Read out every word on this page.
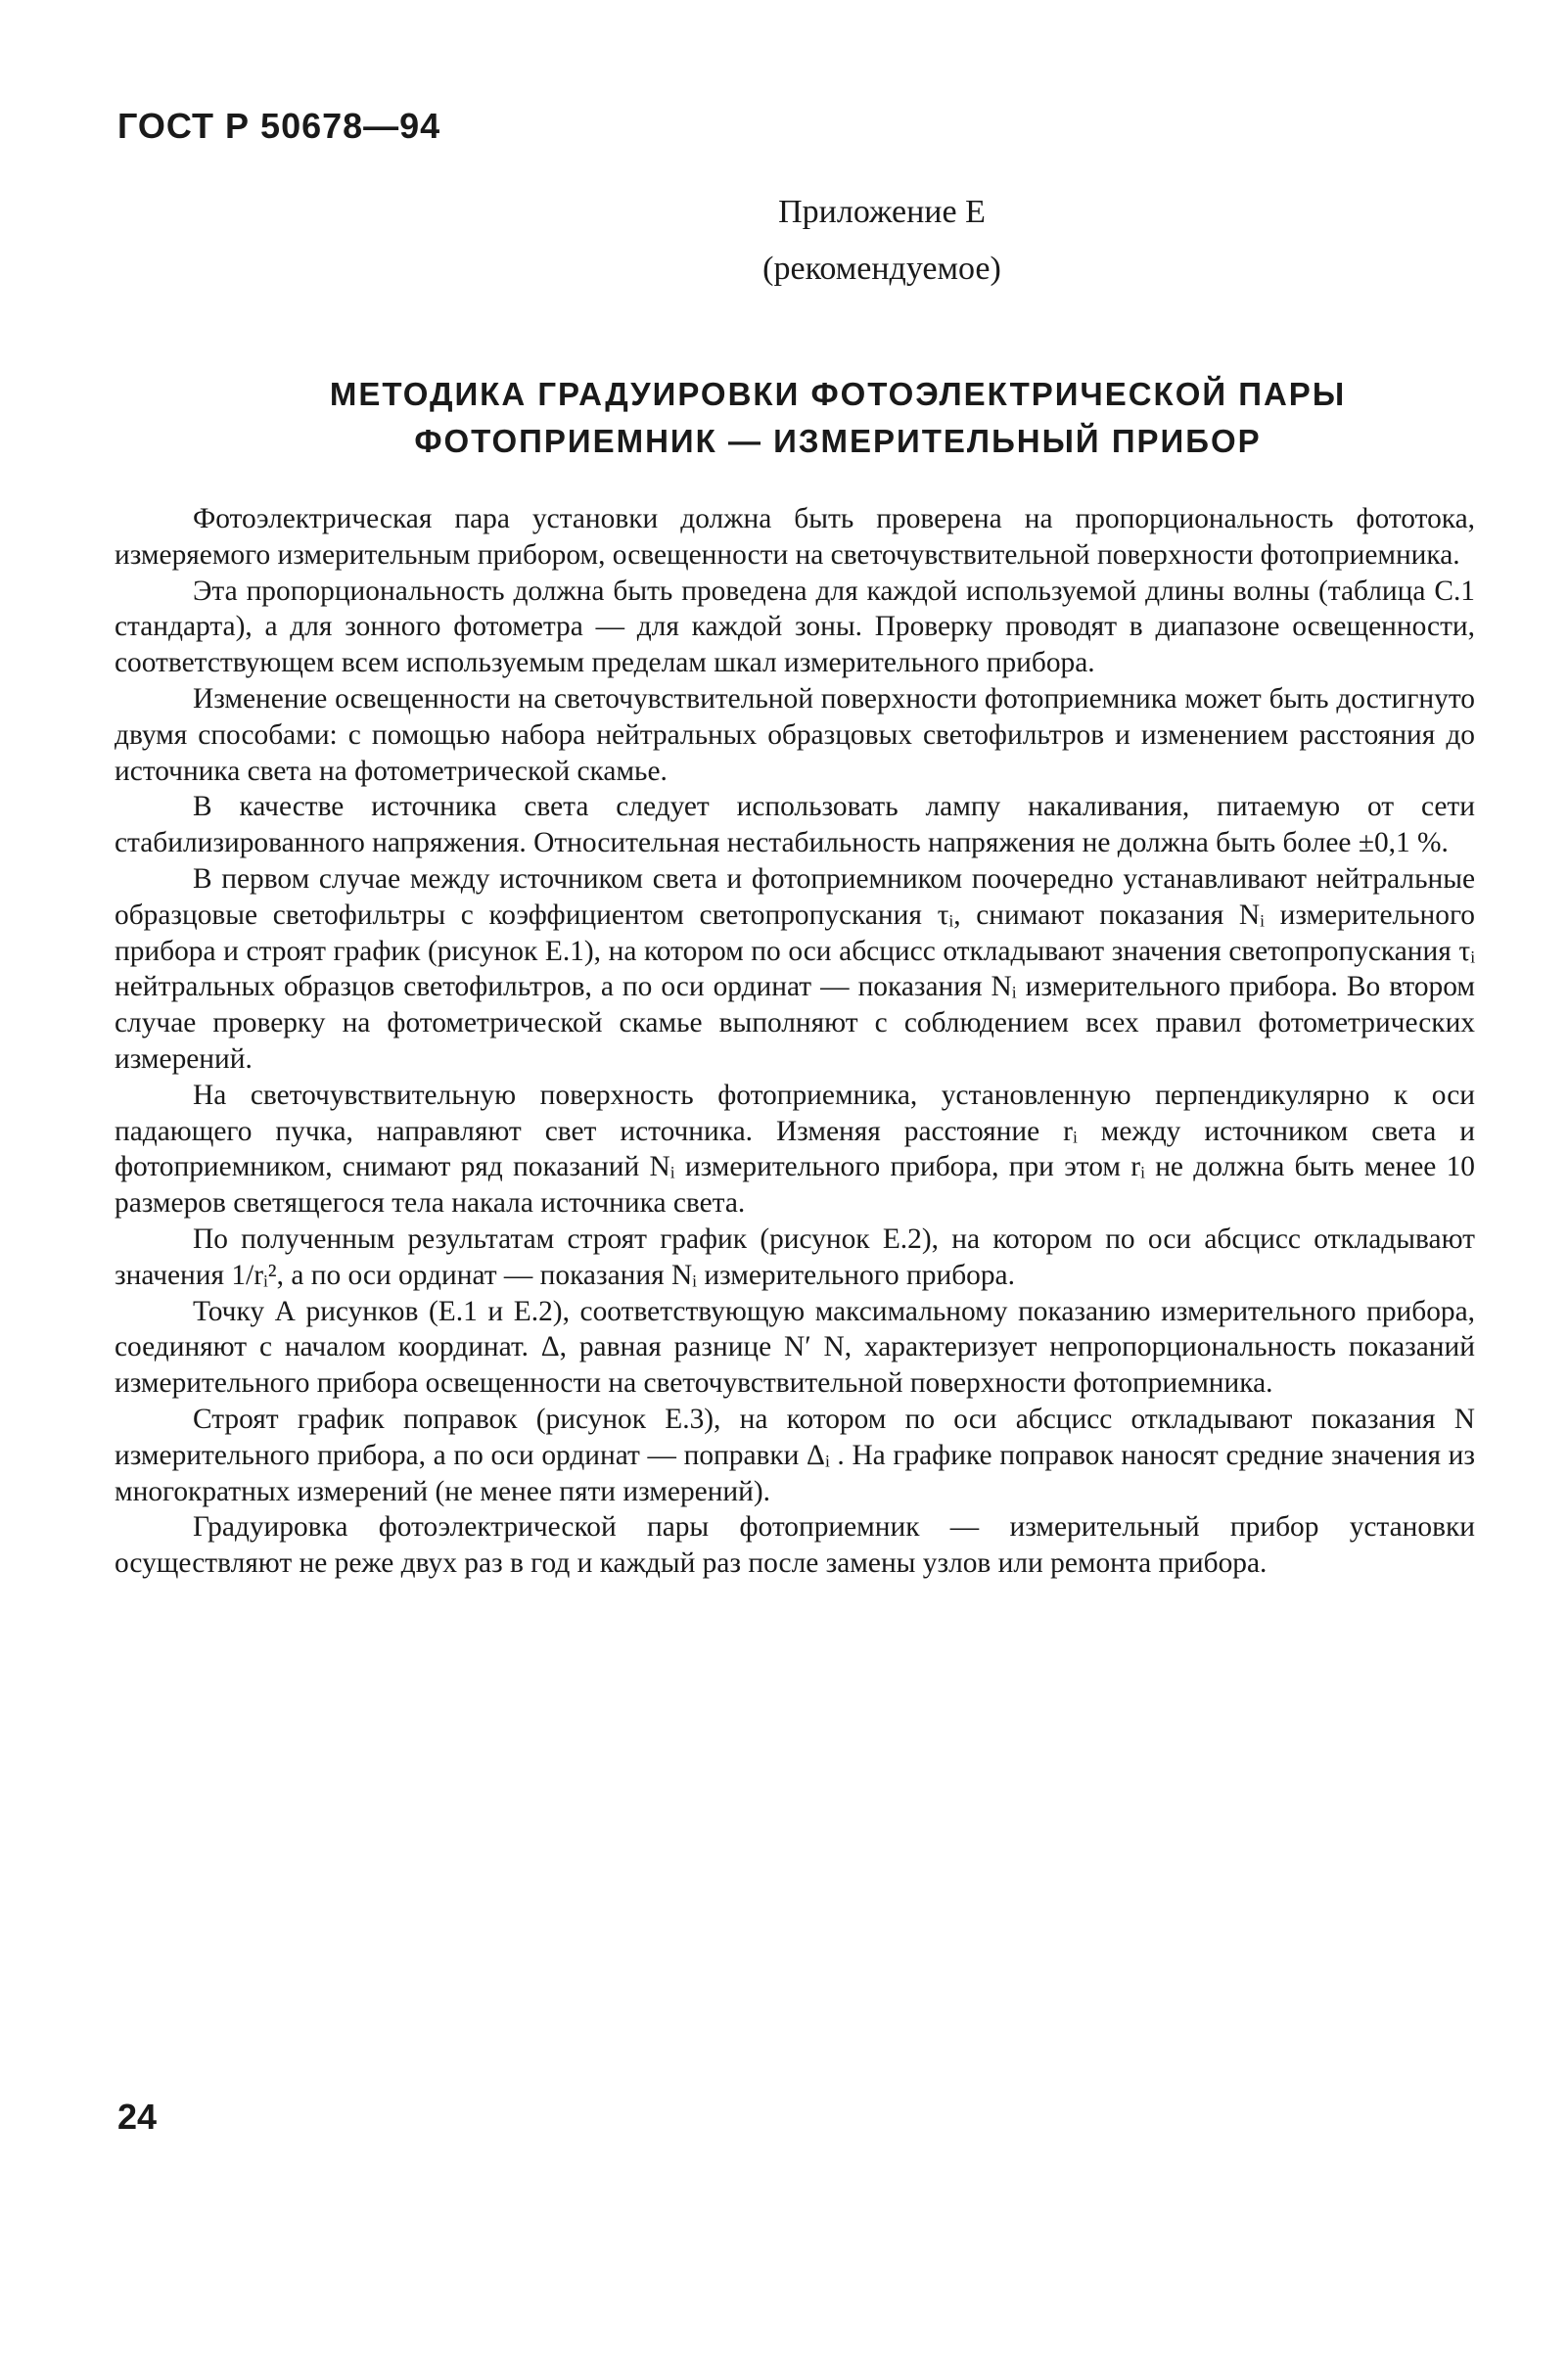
ГОСТ Р 50678—94
Приложение Е
(рекомендуемое)
МЕТОДИКА ГРАДУИРОВКИ ФОТОЭЛЕКТРИЧЕСКОЙ ПАРЫ
ФОТОПРИЕМНИК — ИЗМЕРИТЕЛЬНЫЙ ПРИБОР

Фотоэлектрическая пара установки должна быть проверена на пропорциональность фототока, измеряемого измерительным прибором, освещенности на светочувствительной поверхности фотоприемника.

Эта пропорциональность должна быть проведена для каждой используемой длины волны (таблица С.1 стандарта), а для зонного фотометра — для каждой зоны. Проверку проводят в диапазоне освещенности, соответствующем всем используемым пределам шкал измерительного прибора.

Изменение освещенности на светочувствительной поверхности фотоприемника может быть достигнуто двумя способами: с помощью набора нейтральных образцовых светофильтров и изменением расстояния до источника света на фотометрической скамье.

В качестве источника света следует использовать лампу накаливания, питаемую от сети стабилизированного напряжения. Относительная нестабильность напряжения не должна быть более ±0,1 %.

В первом случае между источником света и фотоприемником поочередно устанавливают нейтральные образцовые светофильтры с коэффициентом светопропускания τᵢ, снимают показания Nᵢ измерительного прибора и строят график (рисунок Е.1), на котором по оси абсцисс откладывают значения светопропускания τᵢ нейтральных образцов светофильтров, а по оси ординат — показания Nᵢ измерительного прибора. Во втором случае проверку на фотометрической скамье выполняют с соблюдением всех правил фотометрических измерений.

На светочувствительную поверхность фотоприемника, установленную перпендикулярно к оси падающего пучка, направляют свет источника. Изменяя расстояние rᵢ между источником света и фотоприемником, снимают ряд показаний Nᵢ измерительного прибора, при этом rᵢ не должна быть менее 10 размеров светящегося тела накала источника света.

По полученным результатам строят график (рисунок Е.2), на котором по оси абсцисс откладывают значения 1/rᵢ², а по оси ординат — показания Nᵢ измерительного прибора.

Точку А рисунков (Е.1 и Е.2), соответствующую максимальному показанию измерительного прибора, соединяют с началом координат. Δ, равная разнице N′ N, характеризует непропорциональность показаний измерительного прибора освещенности на светочувствительной поверхности фотоприемника.

Строят график поправок (рисунок Е.3), на котором по оси абсцисс откладывают показания N измерительного прибора, а по оси ординат — поправки Δᵢ . На графике поправок наносят средние значения из многократных измерений (не менее пяти измерений).

Градуировка фотоэлектрической пары фотоприемник — измерительный прибор установки осуществляют не реже двух раз в год и каждый раз после замены узлов или ремонта прибора.

24
